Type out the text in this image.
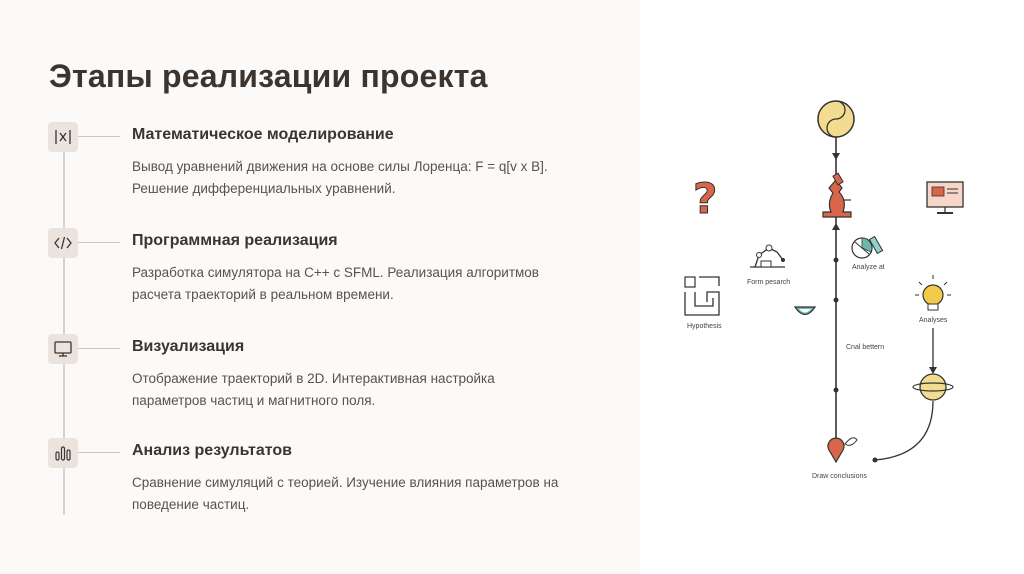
Этапы реализации проекта
Математическое моделирование
Вывод уравнений движения на основе силы Лоренца: F = q[v x B].
Решение дифференциальных уравнений.
Программная реализация
Разработка симулятора на C++ с SFML. Реализация алгоритмов
расчета траекторий в реальном времени.
Визуализация
Отображение траекторий в 2D. Интерактивная настройка
параметров частиц и магнитного поля.
Анализ результатов
Сравнение симуляций с теорией. Изучение влияния параметров на
поведение частиц.
?
Form pesarch
Analyze at
Hypothesis
Analyses
Cnal bettern
Draw conclusions
